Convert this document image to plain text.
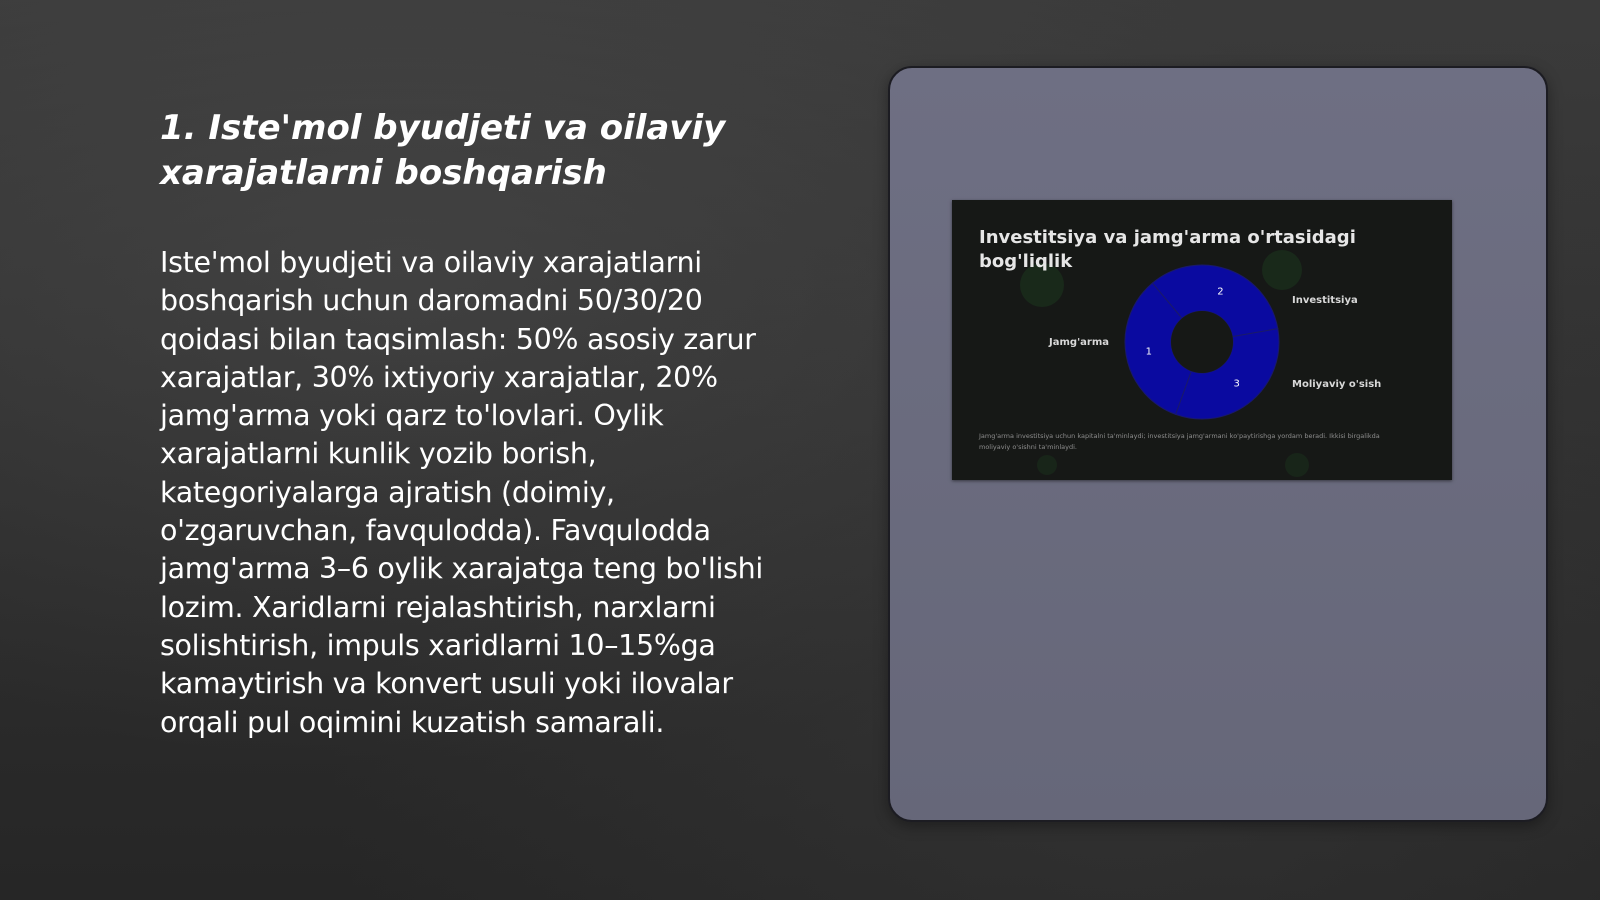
1. Iste'mol byudjeti va oilaviy xarajatlarni boshqarish

Iste'mol byudjeti va oilaviy xarajatlarni boshqarish uchun daromadni 50/30/20 qoidasi bilan taqsimlash: 50% asosiy zarur xarajatlar, 30% ixtiyoriy xarajatlar, 20% jamg'arma yoki qarz to'lovlari. Oylik xarajatlarni kunlik yozib borish, kategoriyalarga ajratish (doimiy, o'zgaruvchan, favqulodda). Favqulodda jamg'arma 3–6 oylik xarajatga teng bo'lishi lozim. Xaridlarni rejalashtirish, narxlarni solishtirish, impuls xaridlarni 10–15%ga kamaytirish va konvert usuli yoki ilovalar orqali pul oqimini kuzatish samarali.

1
2
3
Jamg'arma
Investitsiya
Moliyaviy o'sish
Investitsiya va jamg'arma o'rtasidagi bog'liqlik

Jamg'arma investitsiya uchun kapitalni ta'minlaydi; investitsiya jamg'armani ko'paytirishga yordam beradi. Ikkisi birgalikda moliyaviy o'sishni ta'minlaydi.
